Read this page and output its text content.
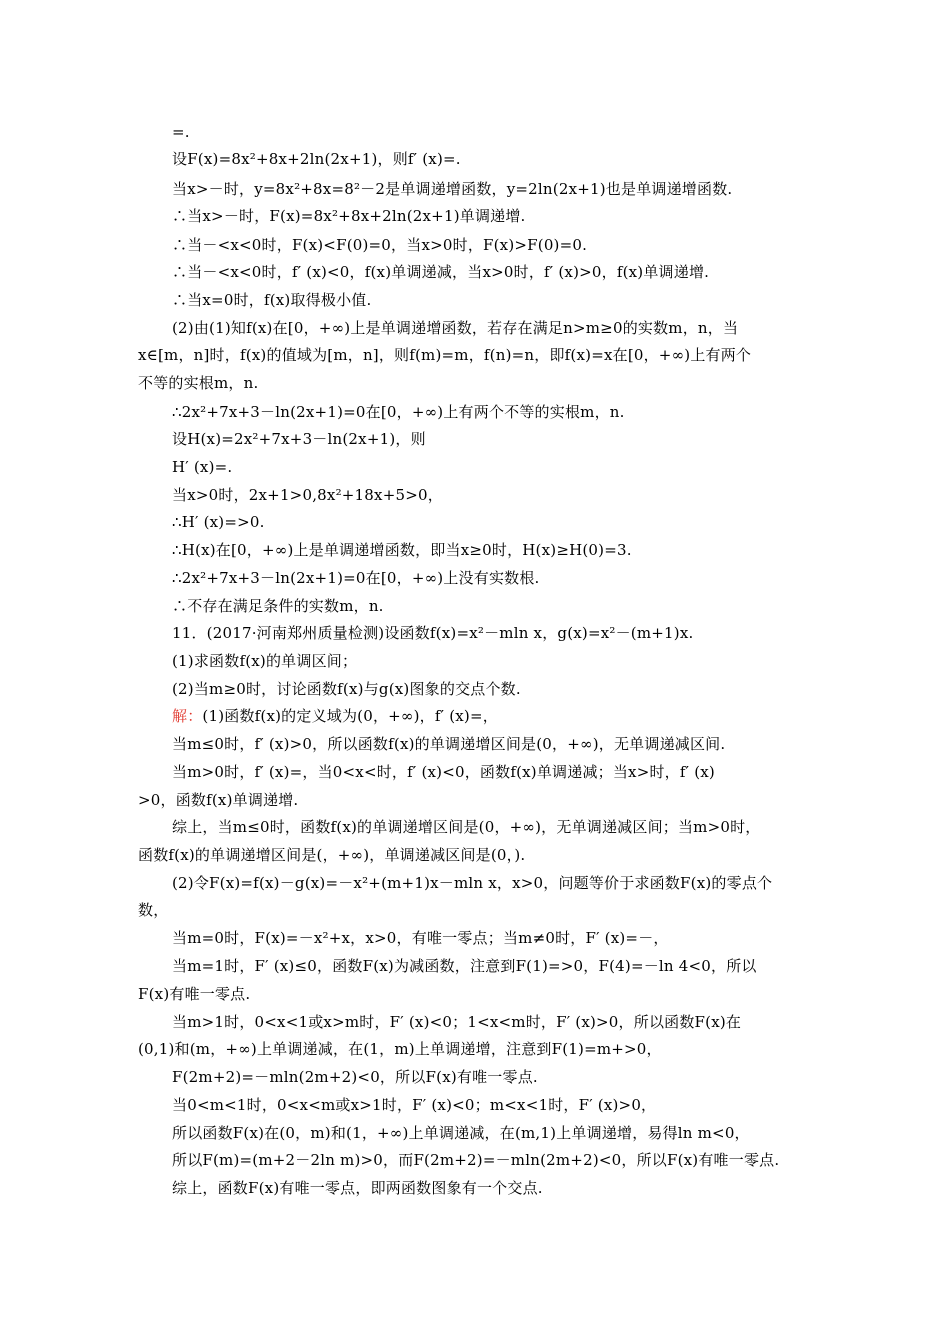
=.
设F(x)=8x²+8x+2ln(2x+1)，则f′ (x)=.
当x>－时，y=8x²+8x=8²－2是单调递增函数，y=2ln(2x+1)也是单调递增函数.
∴当x>－时，F(x)=8x²+8x+2ln(2x+1)单调递增.
∴当－<x<0时，F(x)<F(0)=0，当x>0时，F(x)>F(0)=0.
∴当－<x<0时，f′ (x)<0，f(x)单调递减，当x>0时，f′ (x)>0，f(x)单调递增.
∴当x=0时，f(x)取得极小值.
(2)由(1)知f(x)在[0，+∞)上是单调递增函数，若存在满足n>m≥0的实数m，n，当
x∈[m，n]时，f(x)的值域为[m，n]，则f(m)=m，f(n)=n，即f(x)=x在[0，+∞)上有两个
不等的实根m，n.
∴2x²+7x+3－ln(2x+1)=0在[0，+∞)上有两个不等的实根m，n.
设H(x)=2x²+7x+3－ln(2x+1)，则
H′ (x)=.
当x>0时，2x+1>0,8x²+18x+5>0，
∴H′ (x)=>0.
∴H(x)在[0，+∞)上是单调递增函数，即当x≥0时，H(x)≥H(0)=3.
∴2x²+7x+3－ln(2x+1)=0在[0，+∞)上没有实数根.
∴不存在满足条件的实数m，n.
11．(2017·河南郑州质量检测)设函数f(x)=x²－mln x，g(x)=x²－(m+1)x.
(1)求函数f(x)的单调区间；
(2)当m≥0时，讨论函数f(x)与g(x)图象的交点个数.
解：(1)函数f(x)的定义域为(0，+∞)，f′ (x)=，
当m≤0时，f′ (x)>0，所以函数f(x)的单调递增区间是(0，+∞)，无单调递减区间.
当m>0时，f′ (x)=，当0<x<时，f′ (x)<0，函数f(x)单调递减；当x>时，f′ (x)
>0，函数f(x)单调递增.
综上，当m≤0时，函数f(x)的单调递增区间是(0，+∞)，无单调递减区间；当m>0时，
函数f(x)的单调递增区间是(，+∞)，单调递减区间是(0，).
(2)令F(x)=f(x)－g(x)=－x²+(m+1)x－mln x，x>0，问题等价于求函数F(x)的零点个
数，
当m=0时，F(x)=－x²+x，x>0，有唯一零点；当m≠0时，F′ (x)=－，
当m=1时，F′ (x)≤0，函数F(x)为减函数，注意到F(1)=>0，F(4)=－ln 4<0，所以
F(x)有唯一零点.
当m>1时，0<x<1或x>m时，F′ (x)<0；1<x<m时，F′ (x)>0，所以函数F(x)在
(0,1)和(m，+∞)上单调递减，在(1，m)上单调递增，注意到F(1)=m+>0，
F(2m+2)=－mln(2m+2)<0，所以F(x)有唯一零点.
当0<m<1时，0<x<m或x>1时，F′ (x)<0；m<x<1时，F′ (x)>0，
所以函数F(x)在(0，m)和(1，+∞)上单调递减，在(m,1)上单调递增，易得ln m<0，
所以F(m)=(m+2－2ln m)>0，而F(2m+2)=－mln(2m+2)<0，所以F(x)有唯一零点.
综上，函数F(x)有唯一零点，即两函数图象有一个交点.
